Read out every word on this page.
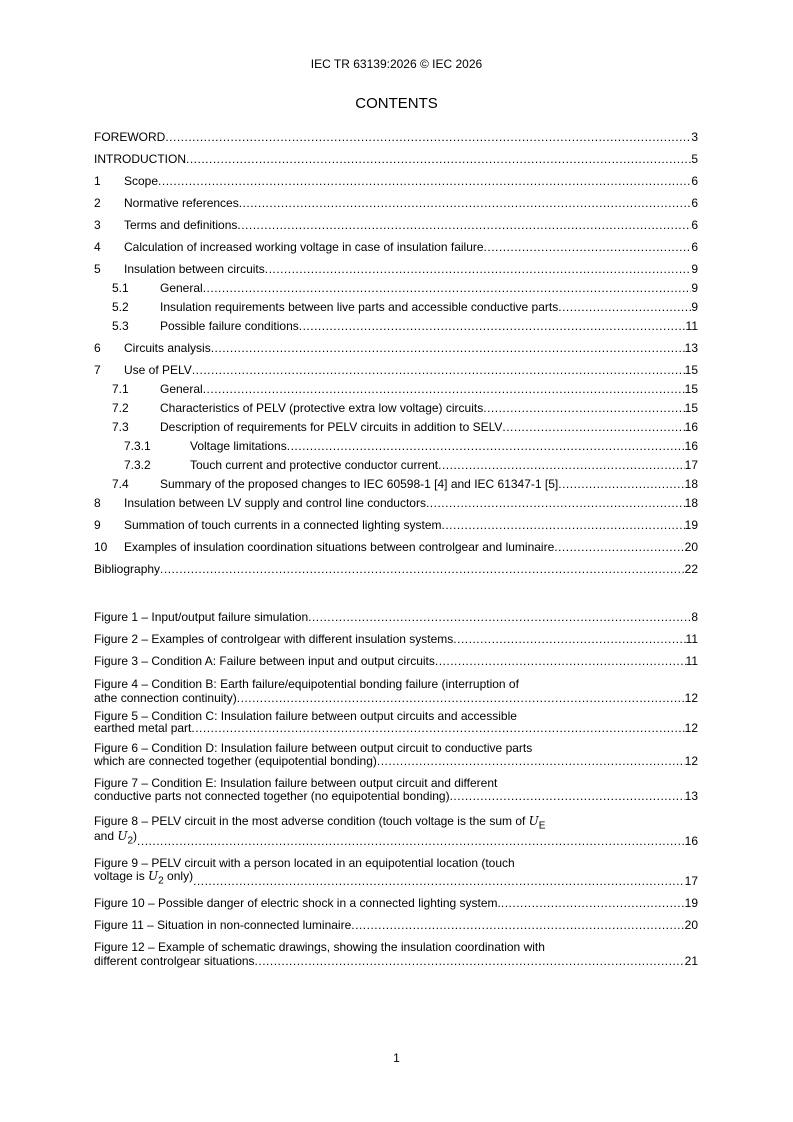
IEC TR 63139:2026 © IEC 2026
CONTENTS
FOREWORD .....	3
INTRODUCTION .....	5
1	Scope .....	6
2	Normative references .....	6
3	Terms and definitions .....	6
4	Calculation of increased working voltage in case of insulation failure .....	6
5	Insulation between circuits .....	9
5.1	General .....	9
5.2	Insulation requirements between live parts and accessible conductive parts .....	9
5.3	Possible failure conditions .....	11
6	Circuits analysis .....	13
7	Use of PELV .....	15
7.1	General .....	15
7.2	Characteristics of PELV (protective extra low voltage) circuits .....	15
7.3	Description of requirements for PELV circuits in addition to SELV .....	16
7.3.1	Voltage limitations .....	16
7.3.2	Touch current and protective conductor current .....	17
7.4	Summary of the proposed changes to IEC 60598-1 [4] and IEC 61347-1 [5] .....	18
8	Insulation between LV supply and control line conductors .....	18
9	Summation of touch currents in a connected lighting system .....	19
10	Examples of insulation coordination situations between controlgear and luminaire .....	20
Bibliography .....	22
Figure 1 – Input/output failure simulation .....	8
Figure 2 – Examples of controlgear with different insulation systems .....	11
Figure 3 – Condition A: Failure between input and output circuits .....	11
Figure 4 – Condition B: Earth failure/equipotential bonding failure (interruption of
athe connection continuity) .....	12
Figure 5 – Condition C: Insulation failure between output circuits and accessible
earthed metal part .....	12
Figure 6 – Condition D: Insulation failure between output circuit to conductive parts
which are connected together (equipotential bonding) .....	12
Figure 7 – Condition E: Insulation failure between output circuit and different
conductive parts not connected together (no equipotential bonding) .....	13
Figure 8 – PELV circuit in the most adverse condition (touch voltage is the sum of $U_E$
and $U_2$) .....	16
Figure 9 – PELV circuit with a person located in an equipotential location (touch
voltage is $U_2$ only) .....	17
Figure 10 – Possible danger of electric shock in a connected lighting system. .....	19
Figure 11 – Situation in non-connected luminaire .....	20
Figure 12 – Example of schematic drawings, showing the insulation coordination with
different controlgear situations .....	21
1
